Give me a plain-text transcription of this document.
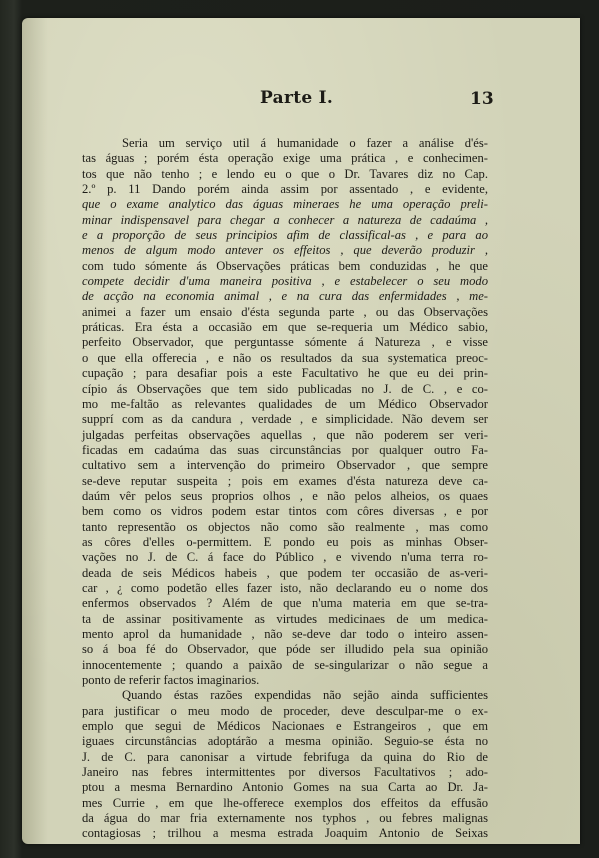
Parte I.	13
Seria um serviço util á humanidade o fazer a análise d'és-
tas águas ; porém ésta operação exige uma prática , e conhecimen-
tos que não tenho ; e lendo eu o que o Dr. Tavares diz no Cap.
2.º p. 11 Dando porém ainda assim por assentado , e evidente,
que o exame analytico das águas mineraes he uma operação preli-
minar indispensavel para chegar a conhecer a natureza de cadaúma ,
e a proporção de seus principios afim de classifical-as , e para ao
menos de algum modo antever os effeitos , que deverão produzir ,
com tudo sómente ás Observações práticas bem conduzidas , he que
compete decidir d'uma maneira positiva , e estabelecer o seu modo
de acção na economia animal , e na cura das enfermidades , me-
animei a fazer um ensaio d'ésta segunda parte , ou das Observações
práticas. Era ésta a occasião em que se-requeria um Médico sabio,
perfeito Observador, que perguntasse sómente á Natureza , e visse
o que ella offerecia , e não os resultados da sua systematica preoc-
cupação ; para desafiar pois a este Facultativo he que eu dei prin-
cípio ás Observações que tem sido publicadas no J. de C. , e co-
mo me-faltão as relevantes qualidades de um Médico Observador
supprí com as da candura , verdade , e simplicidade. Não devem ser
julgadas perfeitas observações aquellas , que não poderem ser veri-
ficadas em cadaúma das suas circunstâncias por qualquer outro Fa-
cultativo sem a intervenção do primeiro Observador , que sempre
se-deve reputar suspeita ; pois em exames d'ésta natureza deve ca-
daúm vêr pelos seus proprios olhos , e não pelos alheios, os quaes
bem como os vidros podem estar tintos com côres diversas , e por
tanto representão os objectos não como são realmente , mas como
as côres d'elles o-permittem. E pondo eu pois as minhas Obser-
vações no J. de C. á face do Público , e vivendo n'uma terra ro-
deada de seis Médicos habeis , que podem ter occasião de as-veri-
car , ¿ como podetão elles fazer isto, não declarando eu o nome dos
enfermos observados ? Além de que n'uma materia em que se-tra-
ta de assinar positivamente as virtudes medicinaes de um medica-
mento aprol da humanidade , não se-deve dar todo o inteiro assen-
so á boa fé do Observador, que póde ser illudido pela sua opinião
innocentemente ; quando a paixão de se-singularizar o não segue a
ponto de referir factos imaginarios.
Quando éstas razões expendidas não sejão ainda sufficientes
para justificar o meu modo de proceder, deve desculpar-me o ex-
emplo que segui de Médicos Nacionaes e Estrangeiros , que em
iguaes circunstâncias adoptárão a mesma opinião. Seguio-se ésta no
J. de C. para canonisar a virtude febrifuga da quina do Rio de
Janeiro nas febres intermittentes por diversos Facultativos ; ado-
ptou a mesma Bernardino Antonio Gomes na sua Carta ao Dr. Ja-
mes Currie , em que lhe-offerece exemplos dos effeitos da effusão
da água do mar fria externamente nos typhos , ou febres malignas
contagiosas ; trilhou a mesma estrada Joaquim Antonio de Seixas
